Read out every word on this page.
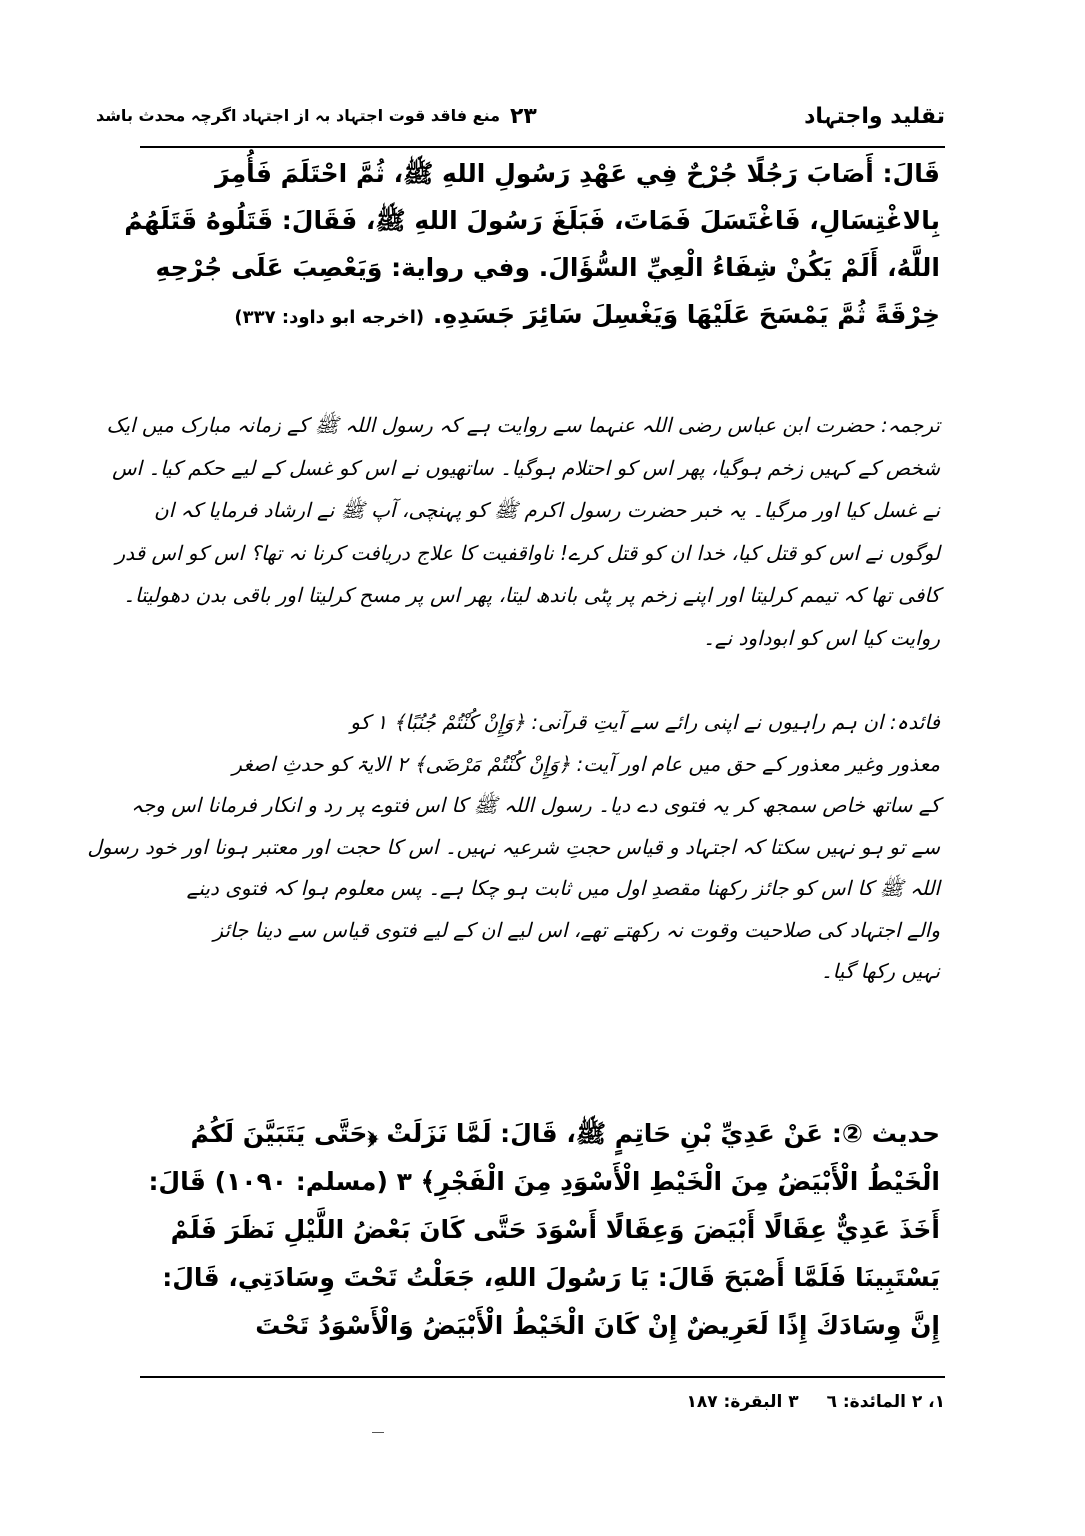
تقلید واجتہاد
۲۳
منع فاقد قوت اجتہاد بہ از اجتہاد اگرچہ محدث باشد
قَالَ: أَصَابَ رَجُلًا جُرْحٌ فِي عَهْدِ رَسُولِ اللهِ ﷺ، ثُمَّ احْتَلَمَ فَأُمِرَ
بِالاغْتِسَالِ، فَاغْتَسَلَ فَمَاتَ، فَبَلَغَ رَسُولَ اللهِ ﷺ، فَقَالَ: قَتَلُوهُ قَتَلَهُمُ
اللَّهُ، أَلَمْ يَكُنْ شِفَاءُ الْعِيِّ السُّؤَالَ. وفي رواية: وَيَعْصِبَ عَلَى جُرْحِهِ
خِرْقَةً ثُمَّ يَمْسَحَ عَلَيْهَا وَيَغْسِلَ سَائِرَ جَسَدِهِ. (اخرجه ابو داود: ٣٣٧)
ترجمہ: حضرت ابن عباس رضی اللہ عنہما سے روایت ہے کہ رسول اللہ ﷺ کے زمانہ مبارک میں ایک
شخص کے کہیں زخم ہوگیا، پھر اس کو احتلام ہوگیا۔ ساتھیوں نے اس کو غسل کے لیے حکم کیا۔ اس
نے غسل کیا اور مرگیا۔ یہ خبر حضرت رسول اکرم ﷺ کو پہنچی، آپ ﷺ نے ارشاد فرمایا کہ ان
لوگوں نے اس کو قتل کیا، خدا ان کو قتل کرے! ناواقفیت کا علاج دریافت کرنا نہ تھا؟ اس کو اس قدر
کافی تھا کہ تیمم کرلیتا اور اپنے زخم پر پٹی باندھ لیتا، پھر اس پر مسح کرلیتا اور باقی بدن دھولیتا۔
روایت کیا اس کو ابوداود نے۔
فائدہ: ان ہم راہیوں نے اپنی رائے سے آیتِ قرآنی: ﴿وَإِنْ كُنْتُمْ جُنُبًا﴾ ١ کو
معذور وغیر معذور کے حق میں عام اور آیت: ﴿وَإِنْ كُنْتُمْ مَرْضَى﴾ ٢ الایۃ کو حدثِ اصغر
کے ساتھ خاص سمجھ کر یہ فتوی دے دیا۔ رسول اللہ ﷺ کا اس فتوے پر رد و انکار فرمانا اس وجہ
سے تو ہو نہیں سکتا کہ اجتہاد و قیاس حجتِ شرعیہ نہیں۔ اس کا حجت اور معتبر ہونا اور خود رسول
اللہ ﷺ کا اس کو جائز رکھنا مقصدِ اول میں ثابت ہو چکا ہے۔ پس معلوم ہوا کہ فتوی دینے
والے اجتہاد کی صلاحیت وقوت نہ رکھتے تھے، اس لیے ان کے لیے فتوی قیاس سے دینا جائز
نہیں رکھا گیا۔
حدیث ②: عَنْ عَدِيِّ بْنِ حَاتِمٍ ﷺ، قَالَ: لَمَّا نَزَلَتْ ﴿حَتَّى يَتَبَيَّنَ لَكُمُ
الْخَيْطُ الْأَبْيَضُ مِنَ الْخَيْطِ الْأَسْوَدِ مِنَ الْفَجْرِ﴾ ٣ (مسلم: ١٠٩٠) قَالَ:
أَخَذَ عَدِيٌّ عِقَالًا أَبْيَضَ وَعِقَالًا أَسْوَدَ حَتَّى كَانَ بَعْضُ اللَّيْلِ نَظَرَ فَلَمْ
يَسْتَبِينَا فَلَمَّا أَصْبَحَ قَالَ: يَا رَسُولَ اللهِ، جَعَلْتُ تَحْتَ وِسَادَتِي، قَالَ:
إِنَّ وِسَادَكَ إِذًا لَعَرِيضٌ إِنْ كَانَ الْخَيْطُ الْأَبْيَضُ وَالْأَسْوَدُ تَحْتَ
١، ٢ المائدة: ٦ ٣ البقرة: ١٨٧
